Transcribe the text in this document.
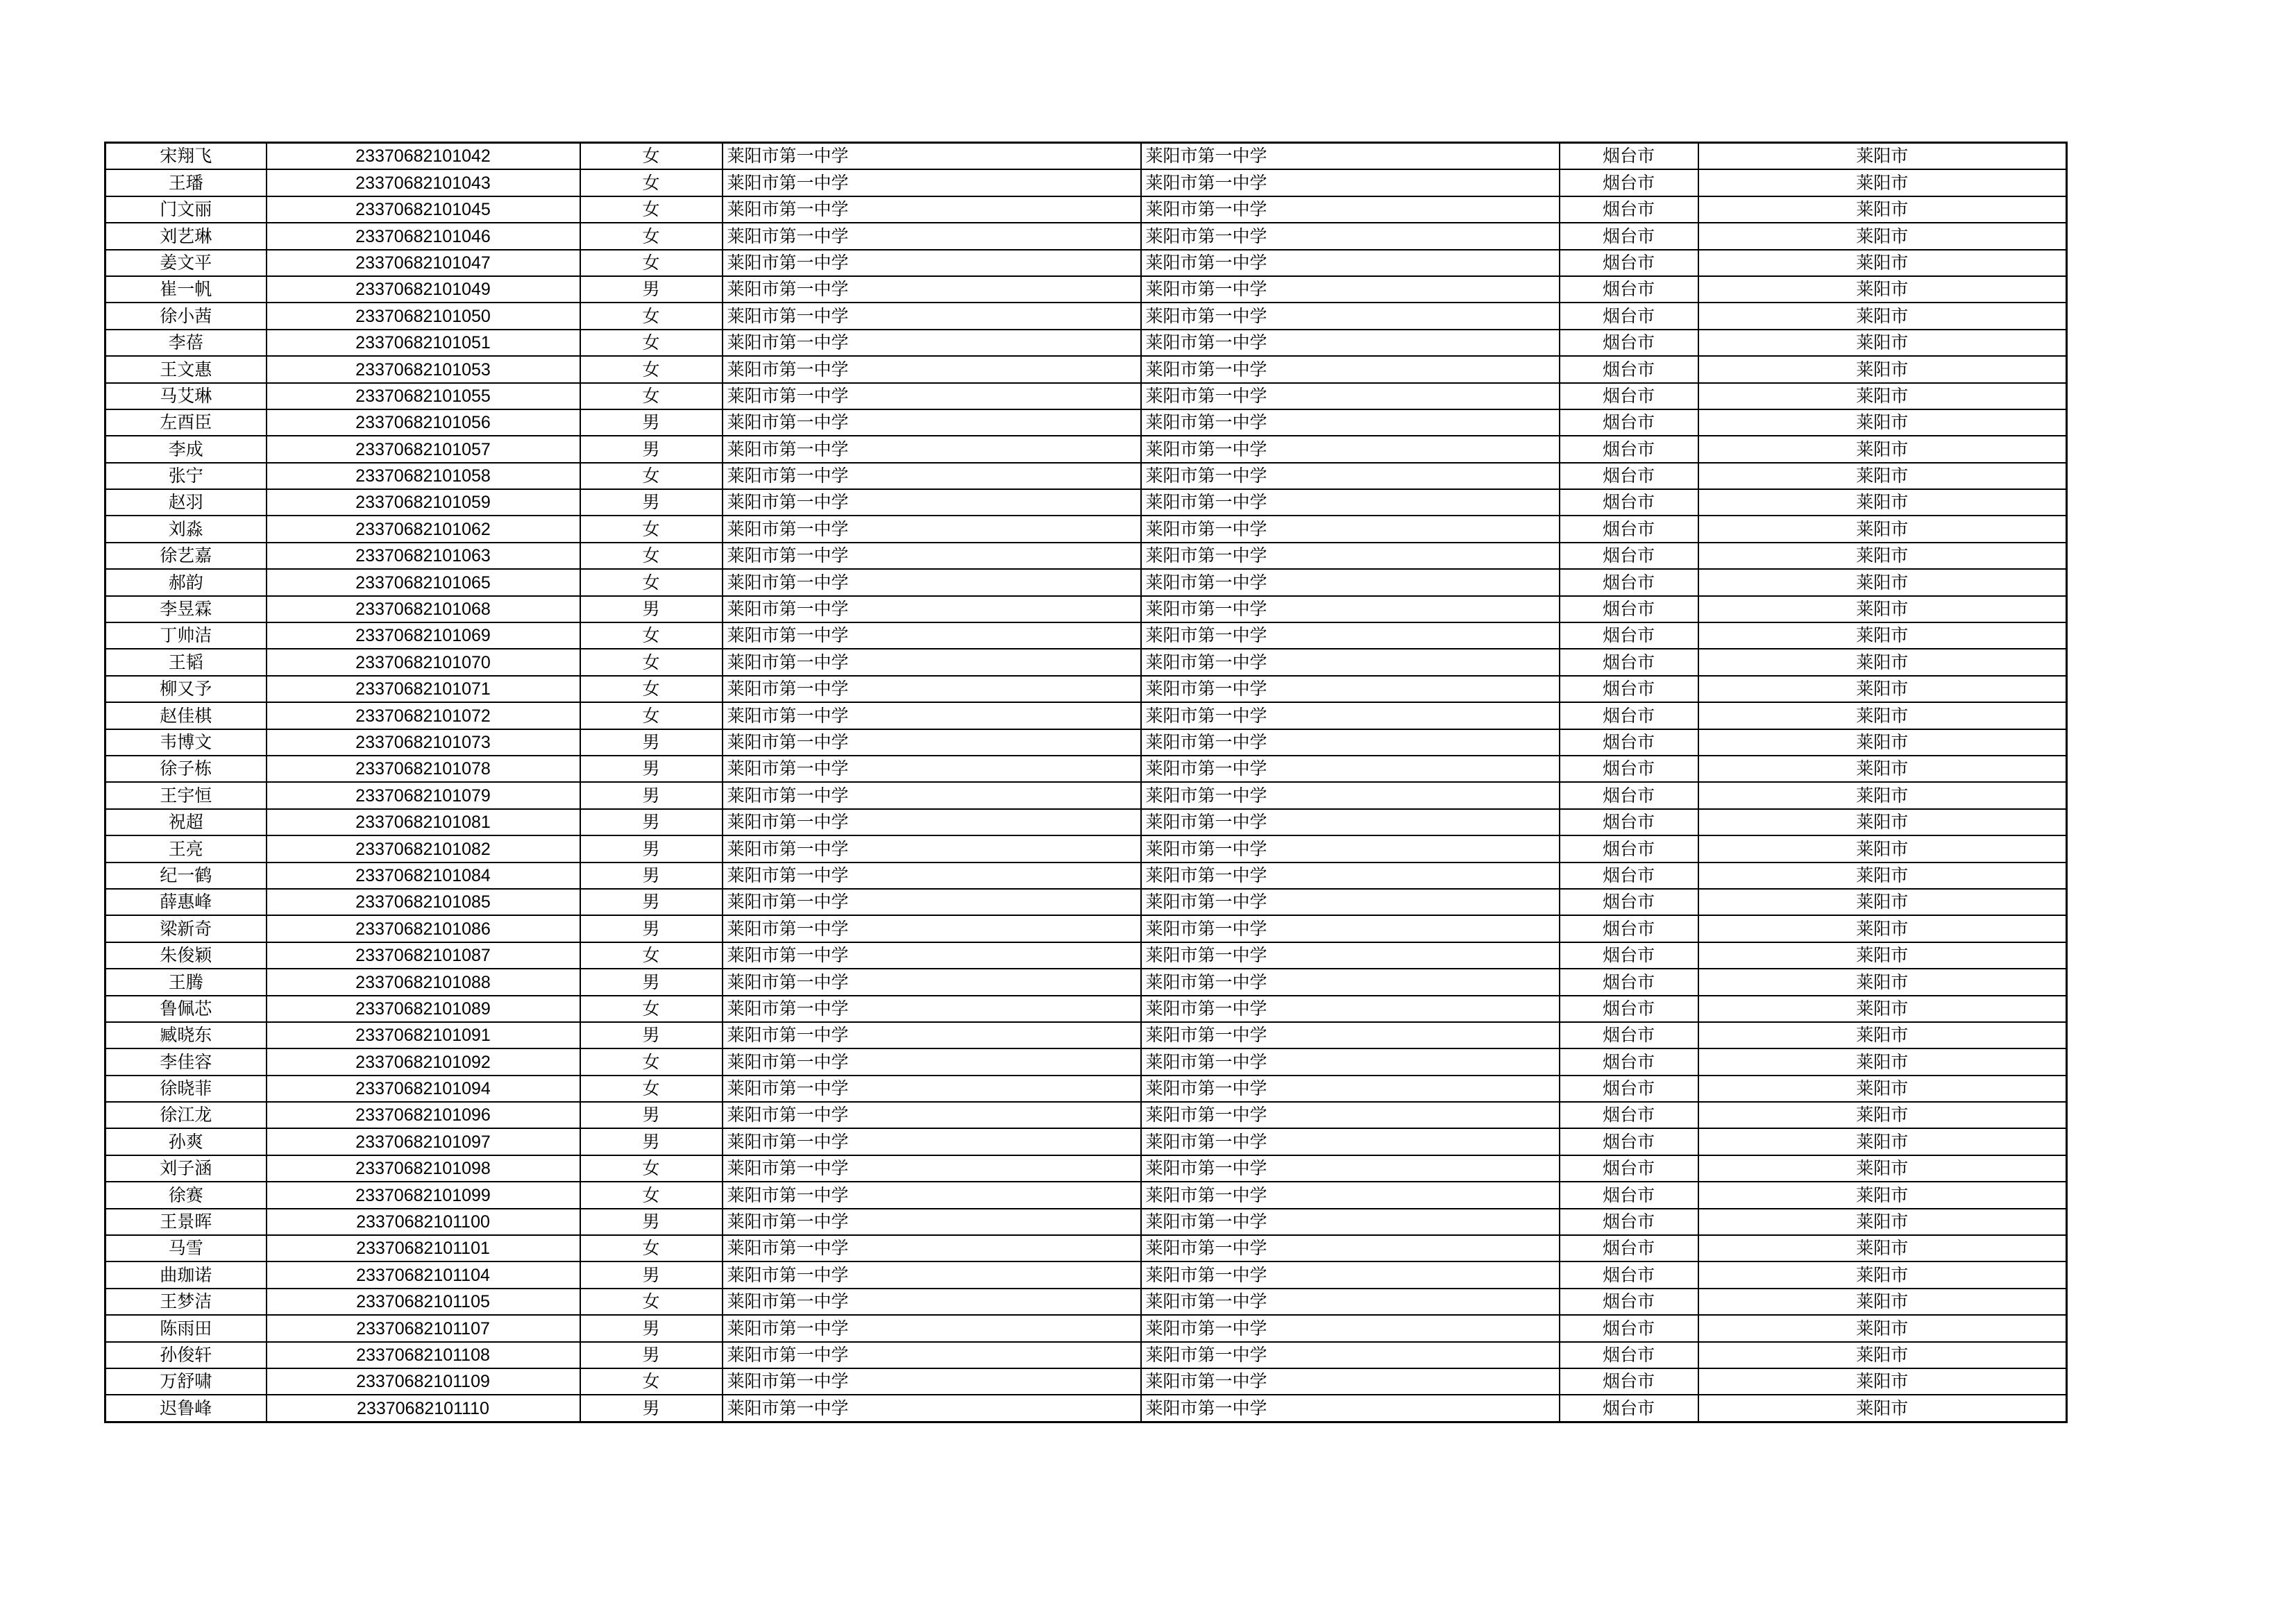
宋翔飞	23370682101042	女	莱阳市第一中学	莱阳市第一中学	烟台市	莱阳市
王璠	23370682101043	女	莱阳市第一中学	莱阳市第一中学	烟台市	莱阳市
门文丽	23370682101045	女	莱阳市第一中学	莱阳市第一中学	烟台市	莱阳市
刘艺琳	23370682101046	女	莱阳市第一中学	莱阳市第一中学	烟台市	莱阳市
姜文平	23370682101047	女	莱阳市第一中学	莱阳市第一中学	烟台市	莱阳市
崔一帆	23370682101049	男	莱阳市第一中学	莱阳市第一中学	烟台市	莱阳市
徐小茜	23370682101050	女	莱阳市第一中学	莱阳市第一中学	烟台市	莱阳市
李蓓	23370682101051	女	莱阳市第一中学	莱阳市第一中学	烟台市	莱阳市
王文惠	23370682101053	女	莱阳市第一中学	莱阳市第一中学	烟台市	莱阳市
马艾琳	23370682101055	女	莱阳市第一中学	莱阳市第一中学	烟台市	莱阳市
左酉臣	23370682101056	男	莱阳市第一中学	莱阳市第一中学	烟台市	莱阳市
李成	23370682101057	男	莱阳市第一中学	莱阳市第一中学	烟台市	莱阳市
张宁	23370682101058	女	莱阳市第一中学	莱阳市第一中学	烟台市	莱阳市
赵羽	23370682101059	男	莱阳市第一中学	莱阳市第一中学	烟台市	莱阳市
刘淼	23370682101062	女	莱阳市第一中学	莱阳市第一中学	烟台市	莱阳市
徐艺嘉	23370682101063	女	莱阳市第一中学	莱阳市第一中学	烟台市	莱阳市
郝韵	23370682101065	女	莱阳市第一中学	莱阳市第一中学	烟台市	莱阳市
李昱霖	23370682101068	男	莱阳市第一中学	莱阳市第一中学	烟台市	莱阳市
丁帅洁	23370682101069	女	莱阳市第一中学	莱阳市第一中学	烟台市	莱阳市
王韬	23370682101070	女	莱阳市第一中学	莱阳市第一中学	烟台市	莱阳市
柳又予	23370682101071	女	莱阳市第一中学	莱阳市第一中学	烟台市	莱阳市
赵佳棋	23370682101072	女	莱阳市第一中学	莱阳市第一中学	烟台市	莱阳市
韦博文	23370682101073	男	莱阳市第一中学	莱阳市第一中学	烟台市	莱阳市
徐子栋	23370682101078	男	莱阳市第一中学	莱阳市第一中学	烟台市	莱阳市
王宇恒	23370682101079	男	莱阳市第一中学	莱阳市第一中学	烟台市	莱阳市
祝超	23370682101081	男	莱阳市第一中学	莱阳市第一中学	烟台市	莱阳市
王亮	23370682101082	男	莱阳市第一中学	莱阳市第一中学	烟台市	莱阳市
纪一鹤	23370682101084	男	莱阳市第一中学	莱阳市第一中学	烟台市	莱阳市
薛惠峰	23370682101085	男	莱阳市第一中学	莱阳市第一中学	烟台市	莱阳市
梁新奇	23370682101086	男	莱阳市第一中学	莱阳市第一中学	烟台市	莱阳市
朱俊颖	23370682101087	女	莱阳市第一中学	莱阳市第一中学	烟台市	莱阳市
王腾	23370682101088	男	莱阳市第一中学	莱阳市第一中学	烟台市	莱阳市
鲁佩芯	23370682101089	女	莱阳市第一中学	莱阳市第一中学	烟台市	莱阳市
臧晓东	23370682101091	男	莱阳市第一中学	莱阳市第一中学	烟台市	莱阳市
李佳容	23370682101092	女	莱阳市第一中学	莱阳市第一中学	烟台市	莱阳市
徐晓菲	23370682101094	女	莱阳市第一中学	莱阳市第一中学	烟台市	莱阳市
徐江龙	23370682101096	男	莱阳市第一中学	莱阳市第一中学	烟台市	莱阳市
孙爽	23370682101097	男	莱阳市第一中学	莱阳市第一中学	烟台市	莱阳市
刘子涵	23370682101098	女	莱阳市第一中学	莱阳市第一中学	烟台市	莱阳市
徐赛	23370682101099	女	莱阳市第一中学	莱阳市第一中学	烟台市	莱阳市
王景晖	23370682101100	男	莱阳市第一中学	莱阳市第一中学	烟台市	莱阳市
马雪	23370682101101	女	莱阳市第一中学	莱阳市第一中学	烟台市	莱阳市
曲珈诺	23370682101104	男	莱阳市第一中学	莱阳市第一中学	烟台市	莱阳市
王梦洁	23370682101105	女	莱阳市第一中学	莱阳市第一中学	烟台市	莱阳市
陈雨田	23370682101107	男	莱阳市第一中学	莱阳市第一中学	烟台市	莱阳市
孙俊轩	23370682101108	男	莱阳市第一中学	莱阳市第一中学	烟台市	莱阳市
万舒啸	23370682101109	女	莱阳市第一中学	莱阳市第一中学	烟台市	莱阳市
迟鲁峰	23370682101110	男	莱阳市第一中学	莱阳市第一中学	烟台市	莱阳市
